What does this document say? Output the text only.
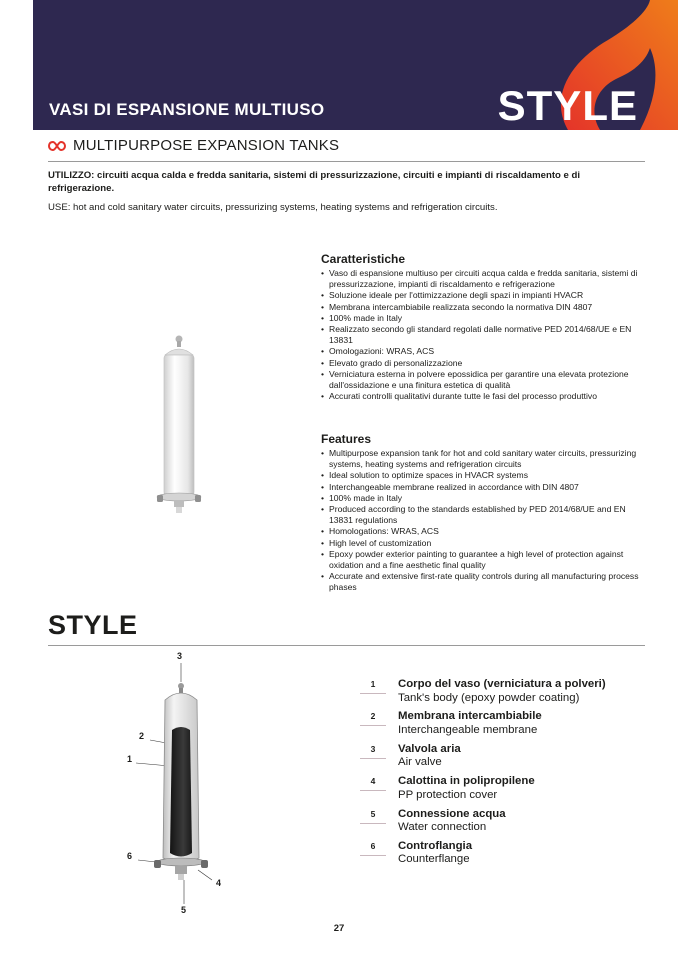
VASI DI ESPANSIONE MULTIUSO	STYLE
MULTIPURPOSE EXPANSION TANKS

UTILIZZO: circuiti acqua calda e fredda sanitaria, sistemi di pressurizzazione, circuiti e impianti di riscaldamento e di refrigerazione.

USE: hot and cold sanitary water circuits, pressurizing systems, heating systems and refrigeration circuits.

Caratteristiche
• Vaso di espansione multiuso per circuiti acqua calda e fredda sanitaria, sistemi di pressurizzazione, impianti di riscaldamento e refrigerazione
• Soluzione ideale per l'ottimizzazione degli spazi in impianti HVACR
• Membrana intercambiabile realizzata secondo la normativa DIN 4807
• 100% made in Italy
• Realizzato secondo gli standard regolati dalle normative PED 2014/68/UE e EN 13831
• Omologazioni: WRAS, ACS
• Elevato grado di personalizzazione
• Verniciatura esterna in polvere epossidica per garantire una elevata protezione dall'ossidazione e una finitura estetica di qualità
• Accurati controlli qualitativi durante tutte le fasi del processo produttivo
Features
• Multipurpose expansion tank for hot and cold sanitary water circuits, pressurizing systems, heating systems and refrigeration circuits
• Ideal solution to optimize spaces in HVACR systems
• Interchangeable membrane realized in accordance with DIN 4807
• 100% made in Italy
• Produced according to the standards established by PED 2014/68/UE and EN 13831 regulations
• Homologations: WRAS, ACS
• High level of customization
• Epoxy powder exterior painting to guarantee a high level of protection against oxidation and a fine aesthetic final quality
• Accurate and extensive first-rate quality controls during all manufacturing process phases
STYLE
3
2
1
6
4
5
1	Corpo del vaso (verniciatura a polveri)
Tank's body (epoxy powder coating)
2	Membrana intercambiabile
Interchangeable membrane
3	Valvola aria
Air valve
4	Calottina in polipropilene
PP protection cover
5	Connessione acqua
Water connection
6	Controflangia
Counterflange
27
